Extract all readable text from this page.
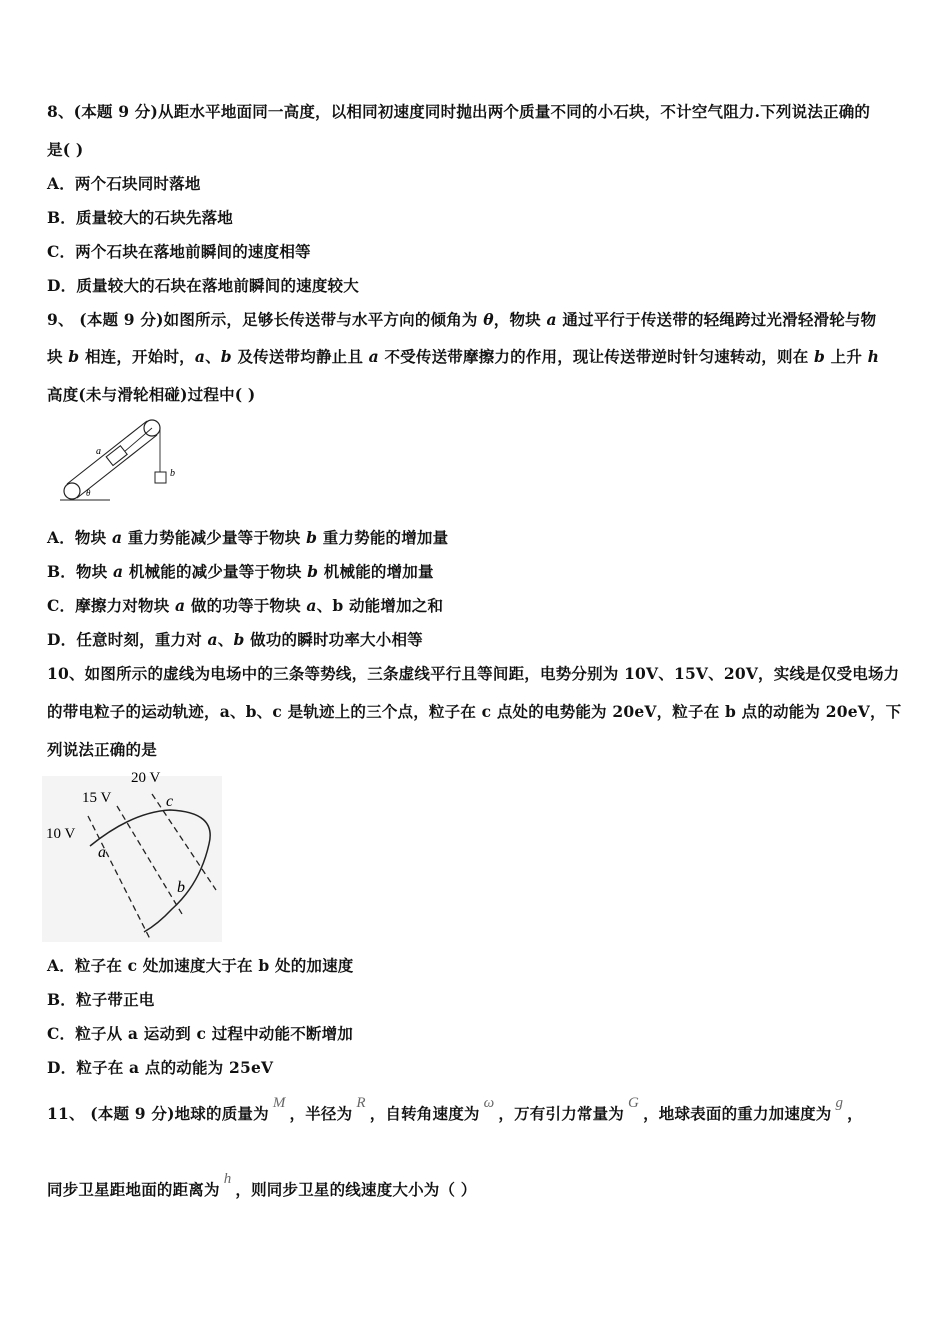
8、(本题 9 分)从距水平地面同一高度，以相同初速度同时抛出两个质量不同的小石块，不计空气阻力.下列说法正确的
是( )
A．两个石块同时落地
B．质量较大的石块先落地
C．两个石块在落地前瞬间的速度相等
D．质量较大的石块在落地前瞬间的速度较大
9、 (本题 9 分)如图所示，足够长传送带与水平方向的倾角为 θ，物块 a 通过平行于传送带的轻绳跨过光滑轻滑轮与物
块 b 相连，开始时，a、b 及传送带均静止且 a 不受传送带摩擦力的作用，现让传送带逆时针匀速转动，则在 b 上升 h
高度(未与滑轮相碰)过程中( )
a
b
θ
A．物块 a 重力势能减少量等于物块 b 重力势能的增加量
B．物块 a 机械能的减少量等于物块 b 机械能的增加量
C．摩擦力对物块 a 做的功等于物块 a、b 动能增加之和
D．任意时刻，重力对 a、b 做功的瞬时功率大小相等
10、如图所示的虚线为电场中的三条等势线，三条虚线平行且等间距，电势分别为 10V、15V、20V，实线是仅受电场力
的带电粒子的运动轨迹，a、b、c 是轨迹上的三个点，粒子在 c 点处的电势能为 20eV，粒子在 b 点的动能为 20eV，下
列说法正确的是
20 V
15 V
10 V
a
b
c
A．粒子在 c 处加速度大于在 b 处的加速度
B．粒子带正电
C．粒子从 a 运动到 c 过程中动能不断增加
D．粒子在 a 点的动能为 25eV
11、 (本题 9 分)地球的质量为M，半径为R，自转角速度为ω，万有引力常量为G，地球表面的重力加速度为g，
同步卫星距地面的距离为h，则同步卫星的线速度大小为（ ）
